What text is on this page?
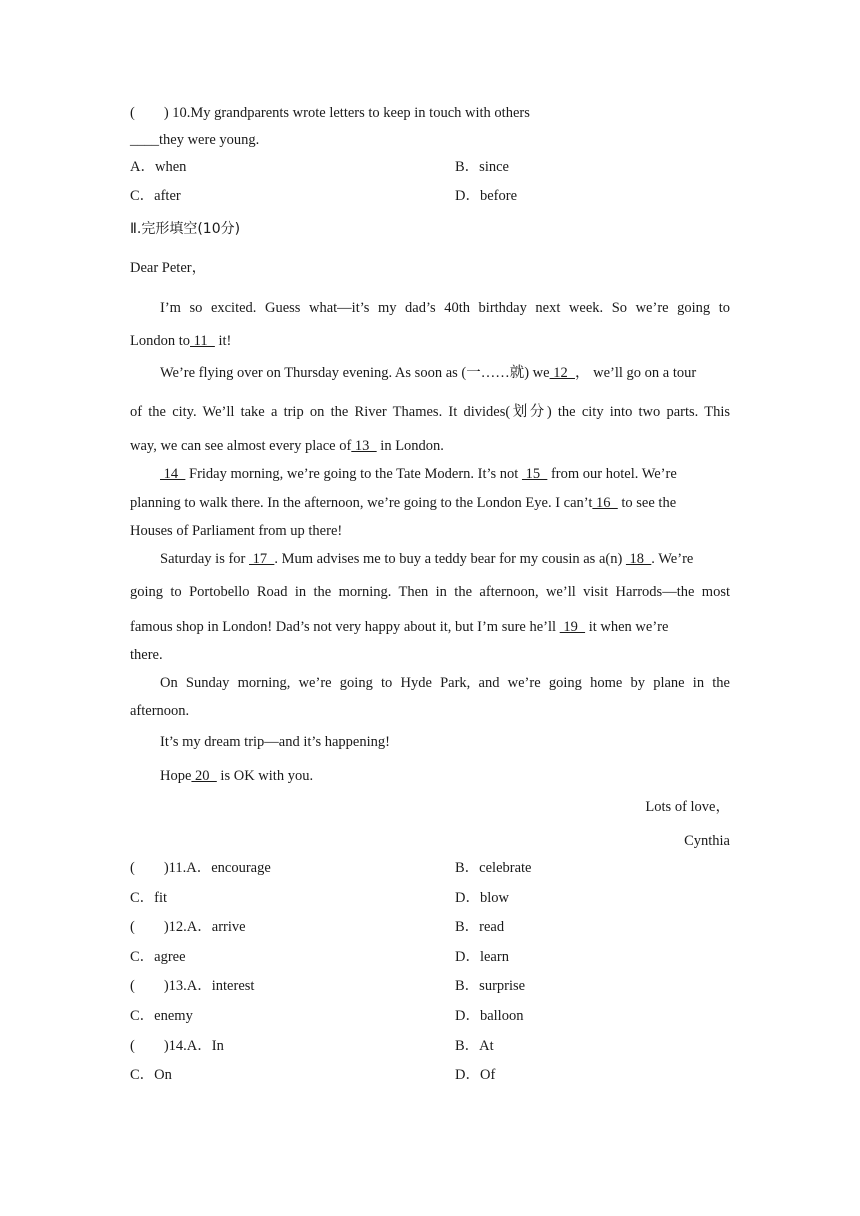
(　　) 10.My grandparents wrote letters to keep in touch with others
____they were young.
A．when	B．since
C．after	D．before
Ⅱ.完形填空(10分)
Dear Peter，
I’m so excited. Guess what—it’s my dad’s 40th birthday next week. So we’re going to
London to 11   it!
We’re flying over on Thursday evening. As soon as (一……就) we 12  ， we’ll go on a tour
of the city. We’ll take a trip on the River Thames. It divides(划分) the city into two parts. This
way, we can see almost every place of 13   in London.
14   Friday morning, we’re going to the Tate Modern. It’s not  15   from our hotel. We’re
planning to walk there. In the afternoon, we’re going to the London Eye. I can’t 16   to see the
Houses of Parliament from up there!
Saturday is for  17  . Mum advises me to buy a teddy bear for my cousin as a(n)  18  . We’re
going to Portobello Road in the morning. Then in the afternoon, we’ll visit Harrods—the most
famous shop in London! Dad’s not very happy about it, but I’m sure he’ll  19   it when we’re
there.
On Sunday morning, we’re going to Hyde Park, and we’re going home by plane in the
afternoon.
It’s my dream trip—and it’s happening!
Hope 20   is OK with you.
Lots of love，
Cynthia
(　　)11.A．encourage	B．celebrate
C．fit	D．blow
(　　)12.A．arrive	B．read
C．agree	D．learn
(　　)13.A．interest	B．surprise
C．enemy	D．balloon
(　　)14.A．In	B．At
C．On	D．Of
